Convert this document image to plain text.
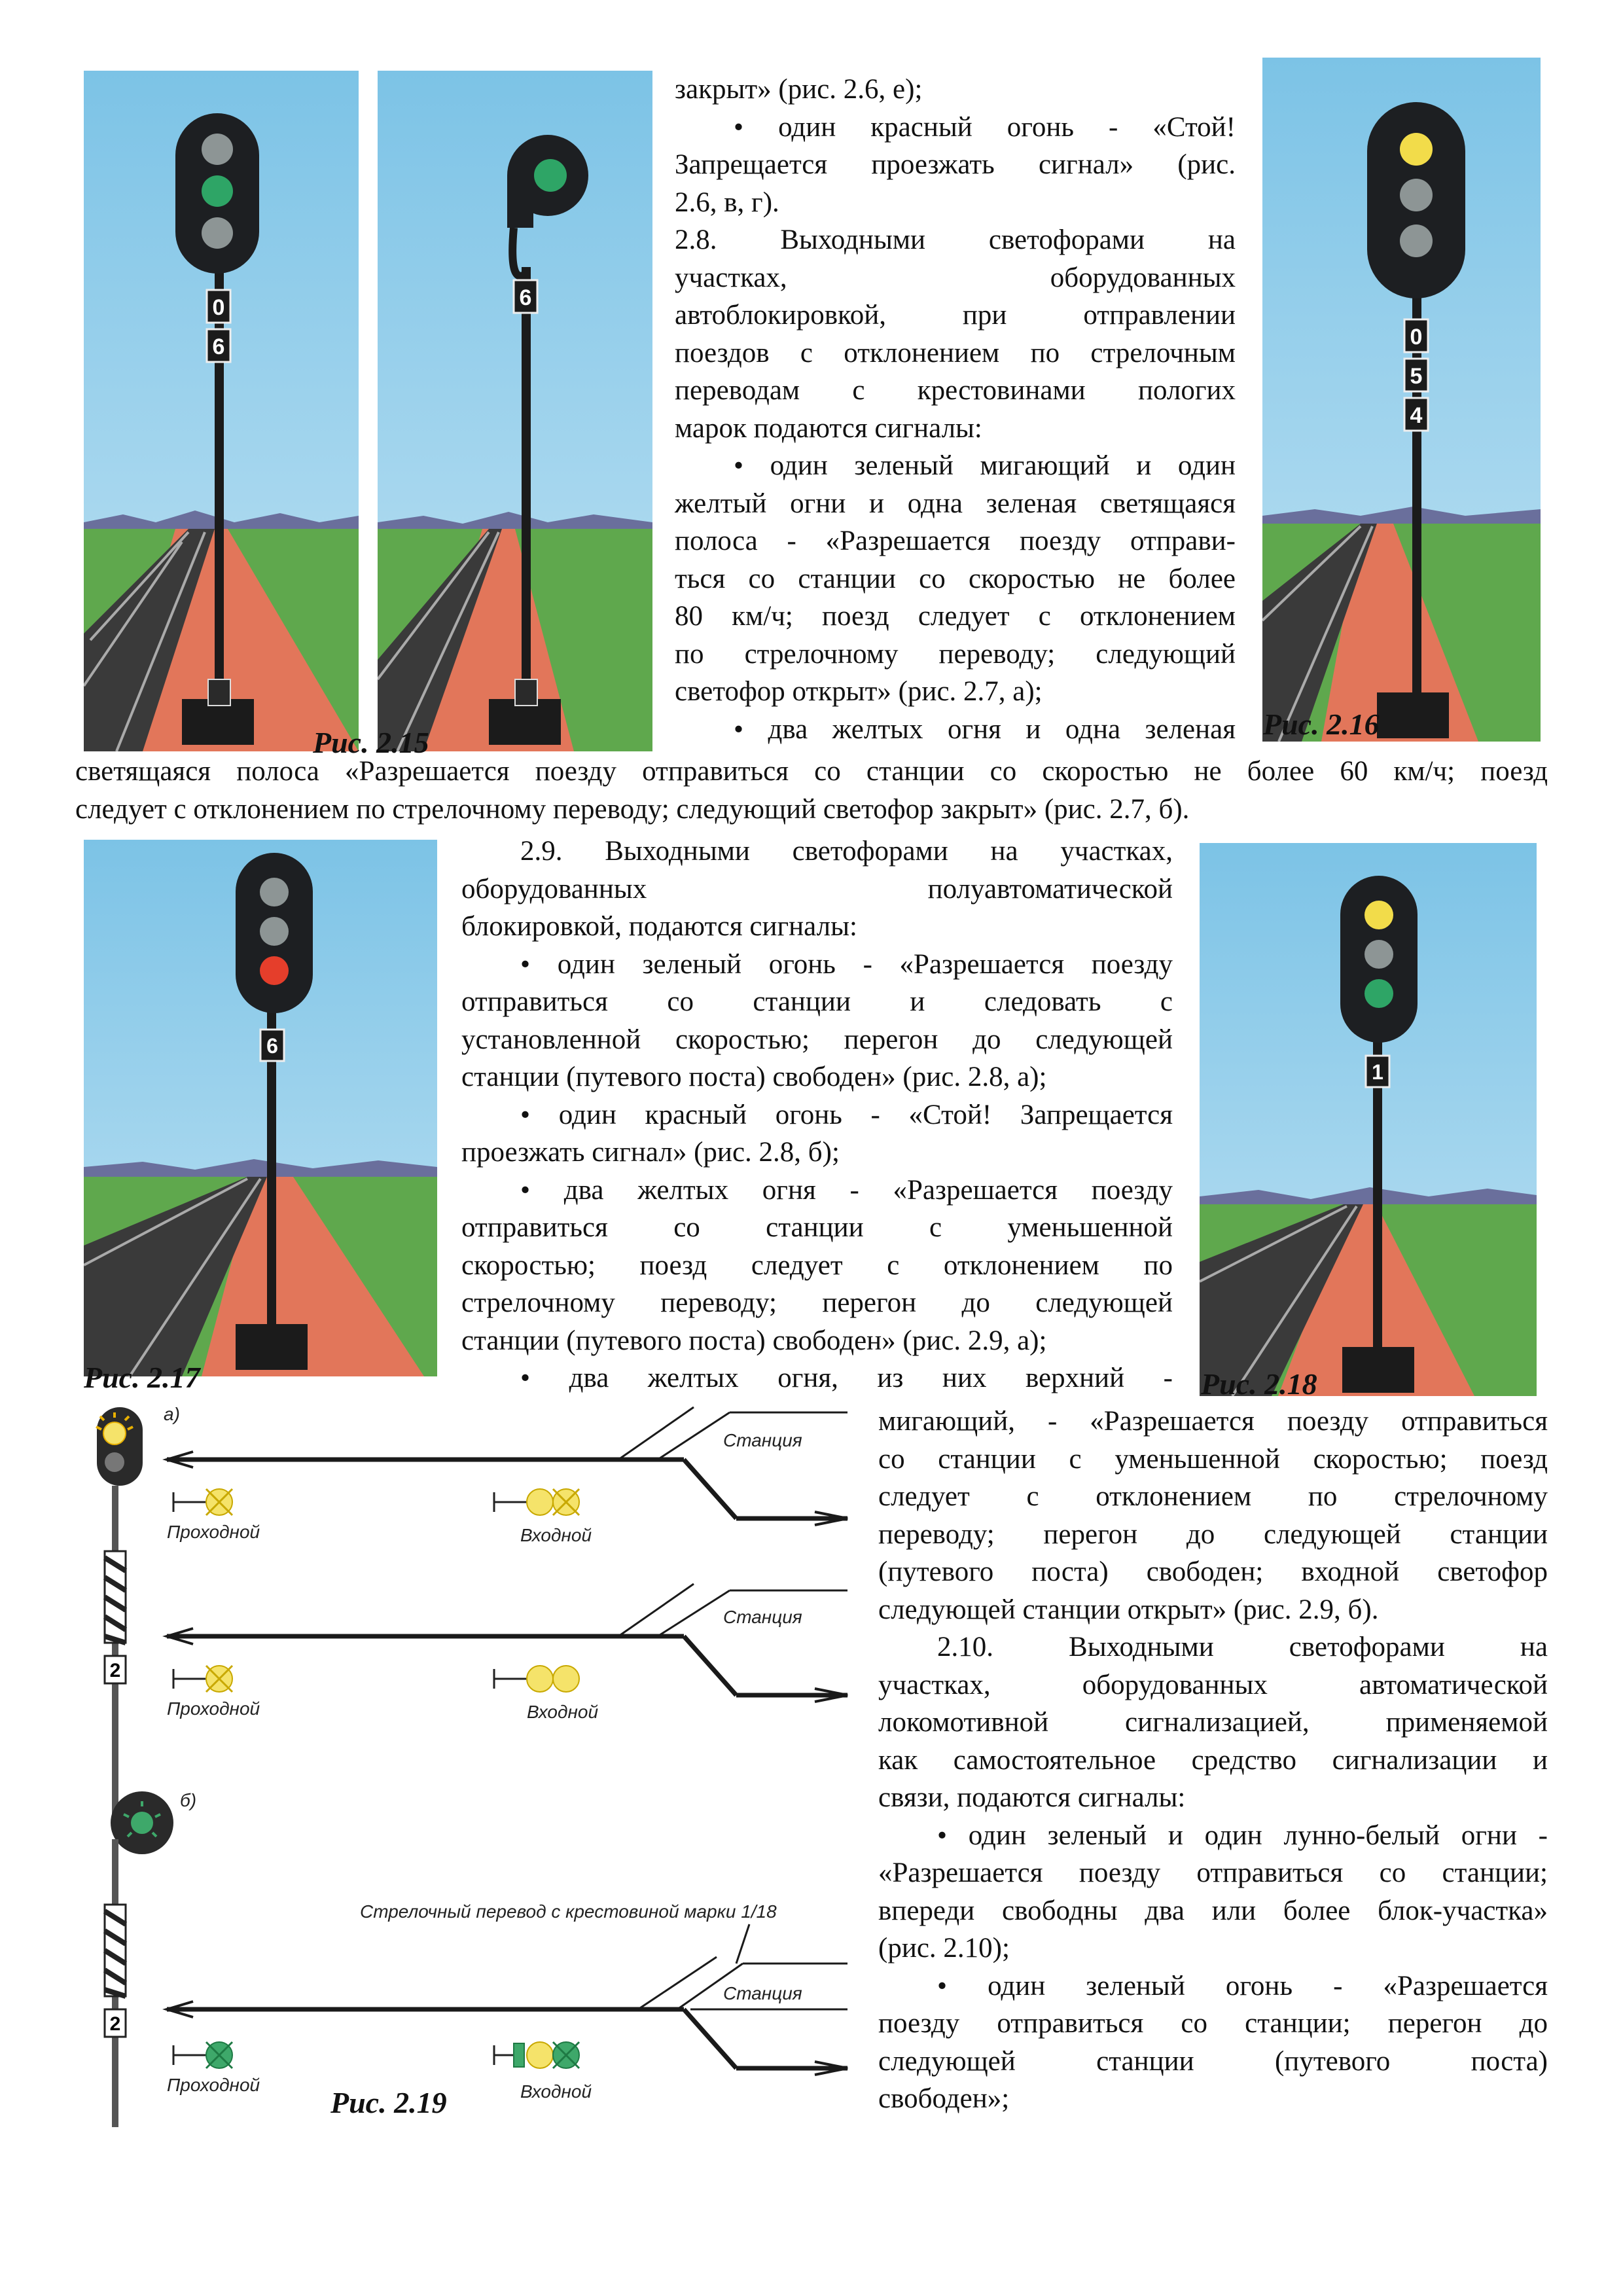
0
6
6
Рис. 2.15
0
5
4
Рис. 2.16
закрыт» (рис. 2.6, е);
• один красный огонь - «Стой!
Запрещается проезжать сигнал» (рис.
2.6, в, г).
2.8. Выходными светофорами на
участках, оборудованных
автоблокировкой, при отправлении
поездов с отклонением по стрелочным
переводам с крестовинами пологих
марок подаются сигналы:
• один зеленый мигающий и один
желтый огни и одна зеленая светящаяся
полоса - «Разрешается поезду отправи-
ться со станции со скоростью не более
80 км/ч; поезд следует с отклонением
по стрелочному переводу; следующий
светофор открыт» (рис. 2.7, а);
• два желтых огня и одна зеленая
светящаяся полоса «Разрешается поезду отправиться со станции со скоростью не более 60 км/ч; поезд
следует с отклонением по стрелочному переводу; следующий светофор закрыт» (рис. 2.7, б).
6
Рис. 2.17
1
Рис. 2.18
2.9. Выходными светофорами на участках,
оборудованных полуавтоматической
блокировкой, подаются сигналы:
• один зеленый огонь - «Разрешается поезду
отправиться со станции и следовать с
установленной скоростью; перегон до следующей
станции (путевого поста) свободен» (рис. 2.8, а);
• один красный огонь - «Стой! Запрещается
проезжать сигнал» (рис. 2.8, б);
• два желтых огня - «Разрешается поезду
отправиться со станции с уменьшенной
скоростью; поезд следует с отклонением по
стрелочному переводу; перегон до следующей
станции (путевого поста) свободен» (рис. 2.9, а);
• два желтых огня, из них верхний -
мигающий, - «Разрешается поезду отправиться
со станции с уменьшенной скоростью; поезд
следует с отклонением по стрелочному
переводу; перегон до следующей станции
(путевого поста) свободен; входной светофор
следующей станции открыт» (рис. 2.9, б).
2.10. Выходными светофорами на
участках, оборудованных автоматической
локомотивной сигнализацией, применяемой
как самостоятельное средство сигнализации и
связи, подаются сигналы:
• один зеленый и один лунно-белый огни -
«Разрешается поезду отправиться со станции;
впереди свободны два или более блок-участка»
(рис. 2.10);
• один зеленый огонь - «Разрешается
поезду отправиться со станции; перегон до
следующей станции (путевого поста)
свободен»;
2
а)
Станция
Проходной	Входной
Станция
Проходной	Входной
2
б)
Стрелочный перевод с крестовиной марки 1/18
Станция
Проходной	Входной
Рис. 2.19
